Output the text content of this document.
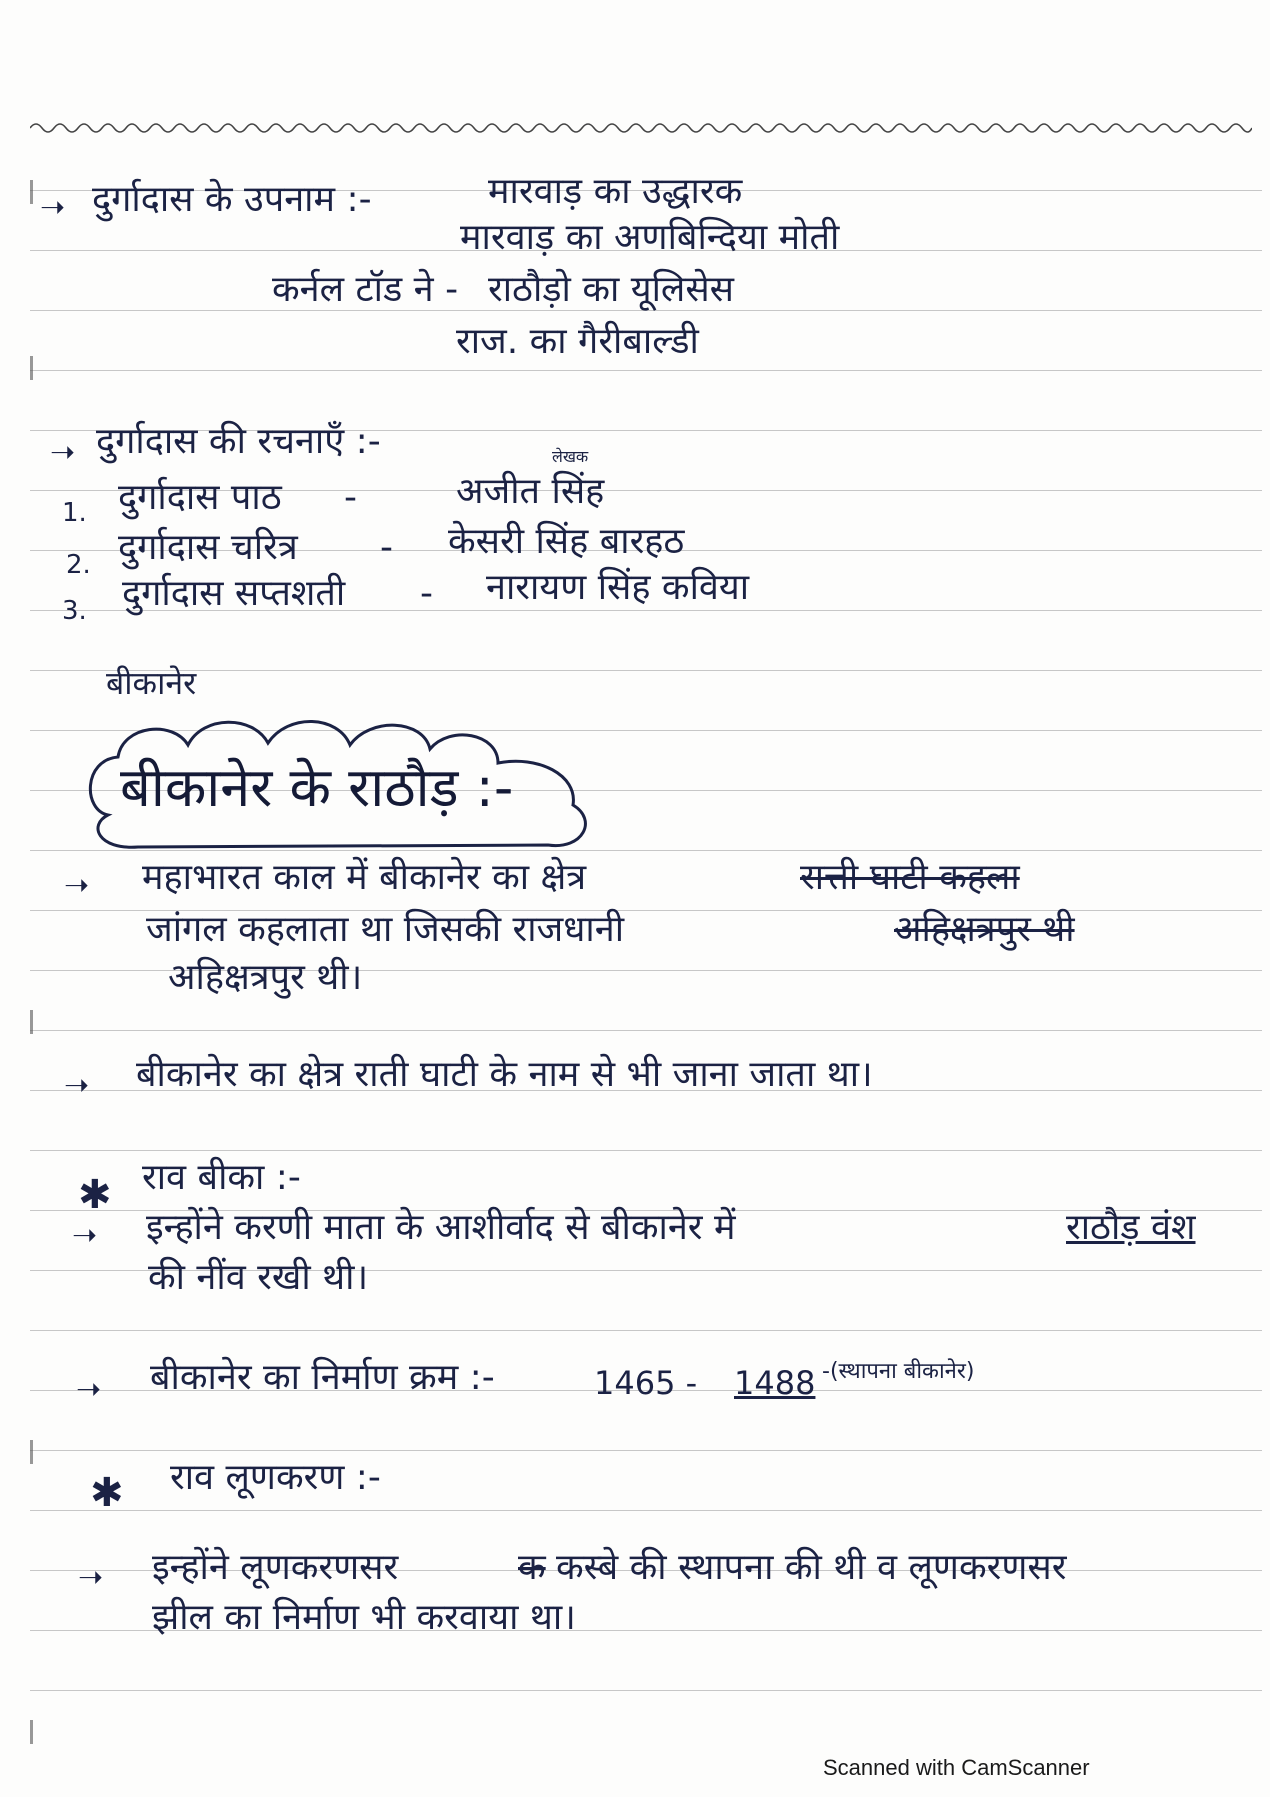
➝ दुर्गादास के उपनाम :-	मारवाड़ का उद्धारक
मारवाड़ का अणबिन्दिया मोती
कर्नल टॉड ने - राठौड़ो का यूलिसेस
राज. का गैरीबाल्डी
➝ दुर्गादास की रचनाएँ :-	लेखक
1. दुर्गादास पाठ -	अजीत सिंह
2. दुर्गादास चरित्र - केसरी सिंह बारहठ
3. दुर्गादास सप्तशती - नारायण सिंह कविया
बीकानेर
बीकानेर के राठौड़ :-
➝ महाभारत काल में बीकानेर का क्षेत्र	रात्ती घाटी कहला
जांगल कहलाता था जिसकी राजधानी	अहिक्षत्रपुर थी
अहिक्षत्रपुर थी।
➝ बीकानेर का क्षेत्र राती घाटी के नाम से भी जाना जाता था।
✱ राव बीका :-
➝ इन्होंने करणी माता के आशीर्वाद से बीकानेर में	राठौड़ वंश
की नींव रखी थी।
➝ बीकानेर का निर्माण क्रम :-	1465 - 1488 -(स्थापना बीकानेर)
✱ राव लूणकरण :-
➝ इन्होंने लूणकरणसर	क कस्बे की स्थापना की थी व लूणकरणसर
झील का निर्माण भी करवाया था।
Scanned with CamScanner
